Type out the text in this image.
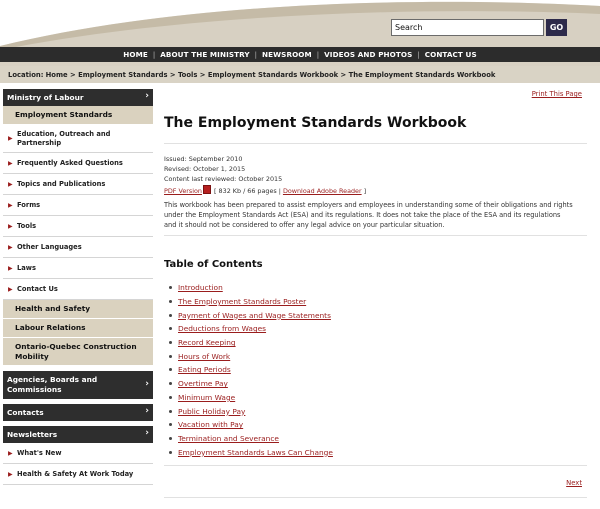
Search	GO
HOME | ABOUT THE MINISTRY | NEWSROOM | VIDEOS AND PHOTOS | CONTACT US
Location: Home > Employment Standards > Tools > Employment Standards Workbook > The Employment Standards Workbook
Ministry of Labour	›
Employment Standards
▶
Education, Outreach and Partnership
▶ Frequently Asked Questions
▶ Topics and Publications
▶ Forms
▶ Tools
▶ Other Languages
▶ Laws
▶ Contact Us
Health and Safety
Labour Relations
Ontario-Quebec Construction Mobility
Agencies, Boards and Commissions	›
Contacts	›
Newsletters	›
▶ What's New
▶ Health & Safety At Work Today
Print This Page
The Employment Standards Workbook
Issued: September 2010
Revised: October 1, 2015
Content last reviewed: October 2015
PDF Version [ 832 Kb / 66 pages | Download Adobe Reader ]

This workbook has been prepared to assist employers and employees in understanding some of their obligations and rights under the Employment Standards Act (ESA) and its regulations. It does not take the place of the ESA and its regulations and it should not be considered to offer any legal advice on your particular situation.

Table of Contents
Introduction
The Employment Standards Poster
Payment of Wages and Wage Statements
Deductions from Wages
Record Keeping
Hours of Work
Eating Periods
Overtime Pay
Minimum Wage
Public Holiday Pay
Vacation with Pay
Termination and Severance
Employment Standards Laws Can Change
Next
